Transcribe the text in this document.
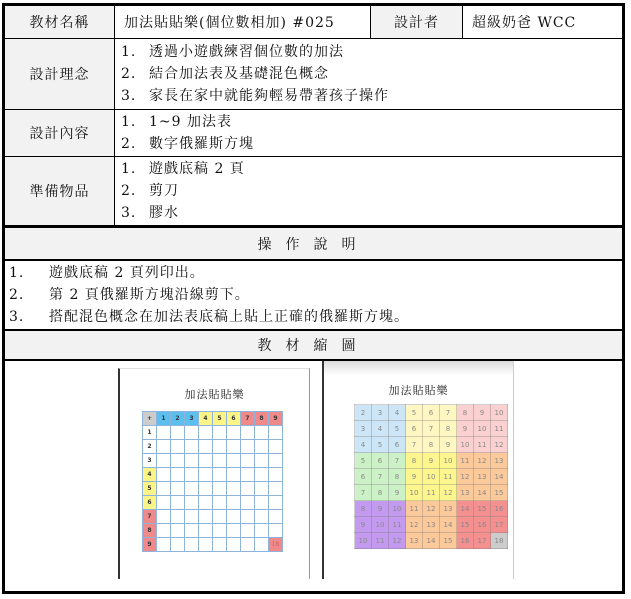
教材名稱	加法貼貼樂(個位數相加) #025	設計者	超級奶爸 WCC
設計理念
1. 透過小遊戲練習個位數的加法
2. 結合加法表及基礎混色概念
3. 家長在家中就能夠輕易帶著孩子操作
設計內容
1. 1~9 加法表
2. 數字俄羅斯方塊
準備物品
1. 遊戲底稿 2 頁
2. 剪刀
3. 膠水
操作說明
1.	遊戲底稿 2 頁列印出。
2.	第 2 頁俄羅斯方塊沿線剪下。
3.	搭配混色概念在加法表底稿上貼上正確的俄羅斯方塊。
教材縮圖
加法貼貼樂
+	1	2	3	4	5	6	7	8	9
1									
2									
3									
4									
5									
6									
7									
8									
9									18
加法貼貼樂
2	3	4	5	6	7	8	9	10
3	4	5	6	7	8	9	10	11
4	5	6	7	8	9	10	11	12
5	6	7	8	9	10	11	12	13
6	7	8	9	10	11	12	13	14
7	8	9	10	11	12	13	14	15
8	9	10	11	12	13	14	15	16
9	10	11	12	13	14	15	16	17
10	11	12	13	14	15	16	17	18
